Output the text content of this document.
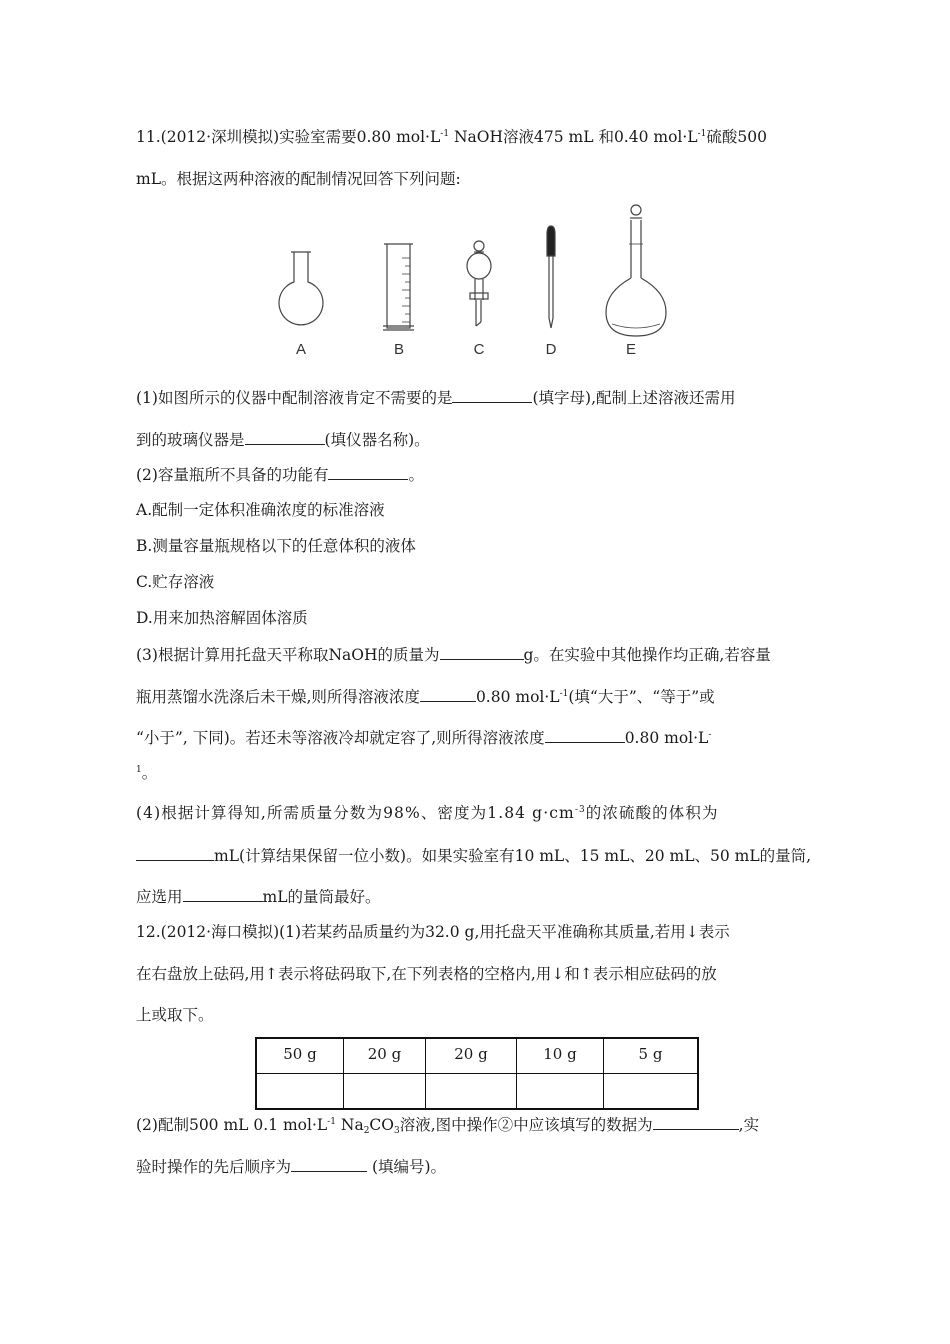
11.(2012·深圳模拟)实验室需要0.80 $mol\cdot L^{-1}$ NaOH溶液475 mL 和0.40 $mol\cdot L^{-1}$硫酸500
mL。根据这两种溶液的配制情况回答下列问题:
A	B	C	D	E
(1)如图所示的仪器中配制溶液肯定不需要的是	(填字母),配制上述溶液还需用
到的玻璃仪器是	(填仪器名称)。
(2)容量瓶所不具备的功能有	。
A.配制一定体积准确浓度的标准溶液
B.测量容量瓶规格以下的任意体积的液体
C.贮存溶液
D.用来加热溶解固体溶质
(3)根据计算用托盘天平称取NaOH的质量为	g。在实验中其他操作均正确,若容量
瓶用蒸馏水洗涤后未干燥,则所得溶液浓度	0.80 $mol\cdot L^{-1}$(填“大于”、“等于”或
“小于”, 下同)。若还未等溶液冷却就定容了,则所得溶液浓度	0.80 mol·L-
$^1$。
(4)根据计算得知,所需质量分数为98%、密度为1.84 $g\cdot cm^{-3}$的浓硫酸的体积为
mL(计算结果保留一位小数)。如果实验室有10 mL、15 mL、20 mL、50 mL的量筒,
应选用	mL的量筒最好。
12.(2012·海口模拟)(1)若某药品质量约为32.0 g,用托盘天平准确称其质量,若用↓表示
在右盘放上砝码,用↑表示将砝码取下,在下列表格的空格内,用↓和↑表示相应砝码的放
上或取下。
50 g	20 g	20 g	10 g	5 g

(2)配制500 mL 0.1 $mol\cdot L^{-1}$ $Na_2CO_3$溶液,图中操作②中应该填写的数据为	,实
验时操作的先后顺序为	(填编号)。
